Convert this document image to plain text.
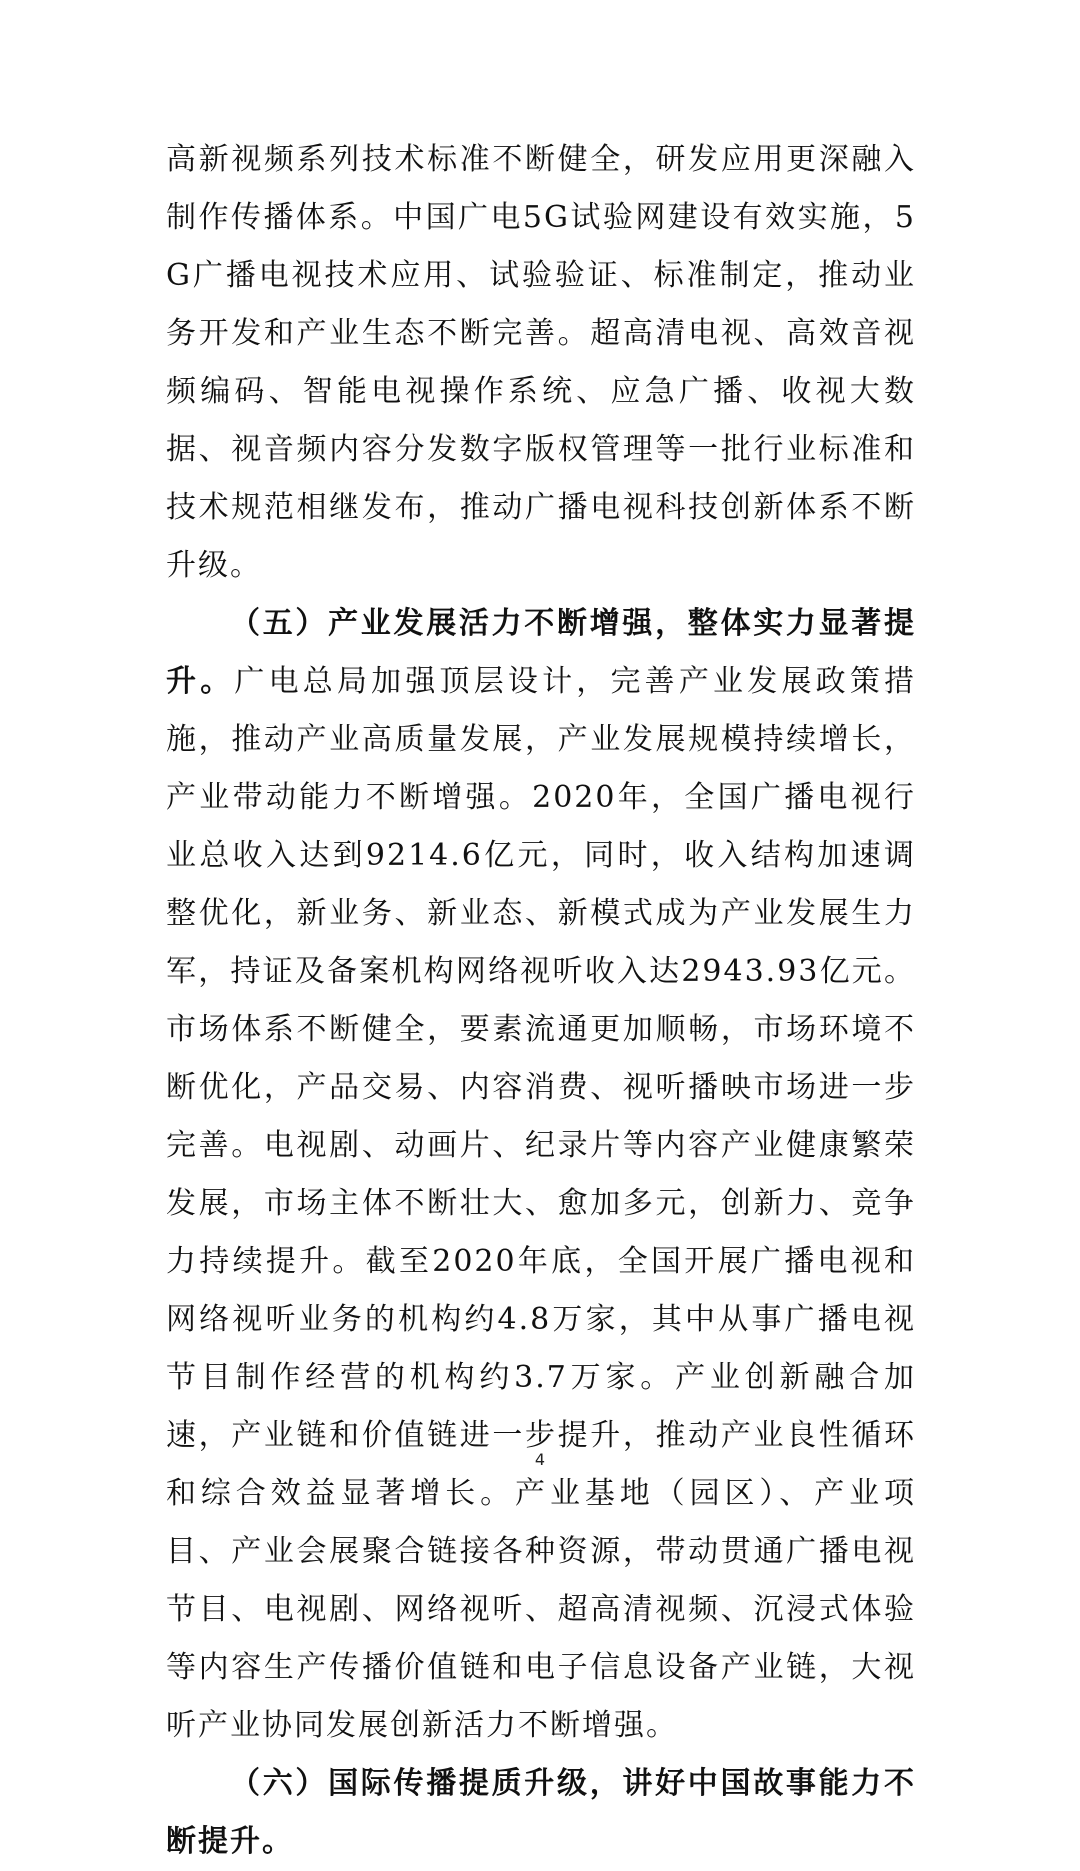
高新视频系列技术标准不断健全，研发应用更深融入制作传播体系。中国广电5G试验网建设有效实施，5G广播电视技术应用、试验验证、标准制定，推动业务开发和产业生态不断完善。超高清电视、高效音视频编码、智能电视操作系统、应急广播、收视大数据、视音频内容分发数字版权管理等一批行业标准和技术规范相继发布，推动广播电视科技创新体系不断升级。

（五）产业发展活力不断增强，整体实力显著提升。广电总局加强顶层设计，完善产业发展政策措施，推动产业高质量发展，产业发展规模持续增长，产业带动能力不断增强。2020年，全国广播电视行业总收入达到9214.6亿元，同时，收入结构加速调整优化，新业务、新业态、新模式成为产业发展生力军，持证及备案机构网络视听收入达2943.93亿元。市场体系不断健全，要素流通更加顺畅，市场环境不断优化，产品交易、内容消费、视听播映市场进一步完善。电视剧、动画片、纪录片等内容产业健康繁荣发展，市场主体不断壮大、愈加多元，创新力、竞争力持续提升。截至2020年底，全国开展广播电视和网络视听业务的机构约4.8万家，其中从事广播电视节目制作经营的机构约3.7万家。产业创新融合加速，产业链和价值链进一步提升，推动产业良性循环和综合效益显著增长。产业基地（园区）、产业项目、产业会展聚合链接各种资源，带动贯通广播电视节目、电视剧、网络视听、超高清视频、沉浸式体验等内容生产传播价值链和电子信息设备产业链，大视听产业协同发展创新活力不断增强。

（六）国际传播提质升级，讲好中国故事能力不断提升。

4
